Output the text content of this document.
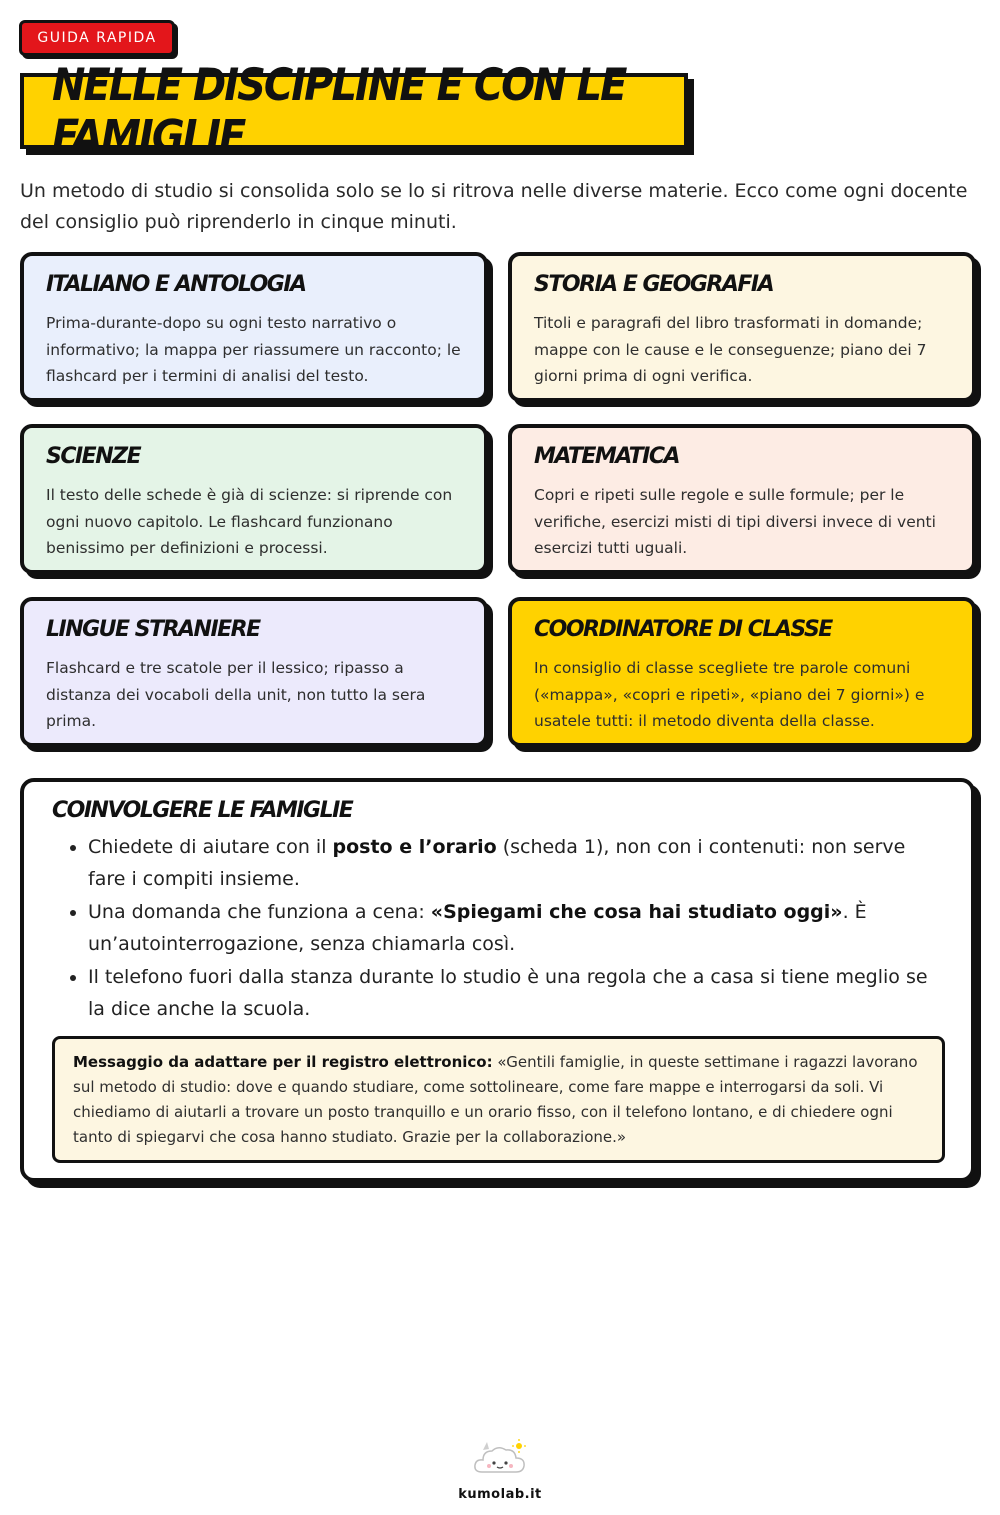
GUIDA RAPIDA
NELLE DISCIPLINE E CON LE FAMIGLIE

Un metodo di studio si consolida solo se lo si ritrova nelle diverse materie. Ecco come ogni docente del consiglio può riprenderlo in cinque minuti.

ITALIANO E ANTOLOGIA

Prima-durante-dopo su ogni testo narrativo o informativo; la mappa per riassumere un racconto; le flashcard per i termini di analisi del testo.

STORIA E GEOGRAFIA

Titoli e paragrafi del libro trasformati in domande; mappe con le cause e le conseguenze; piano dei 7 giorni prima di ogni verifica.

SCIENZE

Il testo delle schede è già di scienze: si riprende con ogni nuovo capitolo. Le flashcard funzionano benissimo per definizioni e processi.

MATEMATICA

Copri e ripeti sulle regole e sulle formule; per le verifiche, esercizi misti di tipi diversi invece di venti esercizi tutti uguali.

LINGUE STRANIERE

Flashcard e tre scatole per il lessico; ripasso a distanza dei vocaboli della unit, non tutto la sera prima.

COORDINATORE DI CLASSE

In consiglio di classe scegliete tre parole comuni («mappa», «copri e ripeti», «piano dei 7 giorni») e usatele tutti: il metodo diventa della classe.

COINVOLGERE LE FAMIGLIE
• Chiedete di aiutare con il posto e l’orario (scheda 1), non con i contenuti: non serve fare i compiti insieme.
• Una domanda che funziona a cena: «Spiegami che cosa hai studiato oggi». È un’autointerrogazione, senza chiamarla così.
• Il telefono fuori dalla stanza durante lo studio è una regola che a casa si tiene meglio se la dice anche la scuola.
Messaggio da adattare per il registro elettronico: «Gentili famiglie, in queste settimane i ragazzi lavorano sul metodo di studio: dove e quando studiare, come sottolineare, come fare mappe e interrogarsi da soli. Vi chiediamo di aiutarli a trovare un posto tranquillo e un orario fisso, con il telefono lontano, e di chiedere ogni tanto di spiegarvi che cosa hanno studiato. Grazie per la collaborazione.»
kumolab.it
